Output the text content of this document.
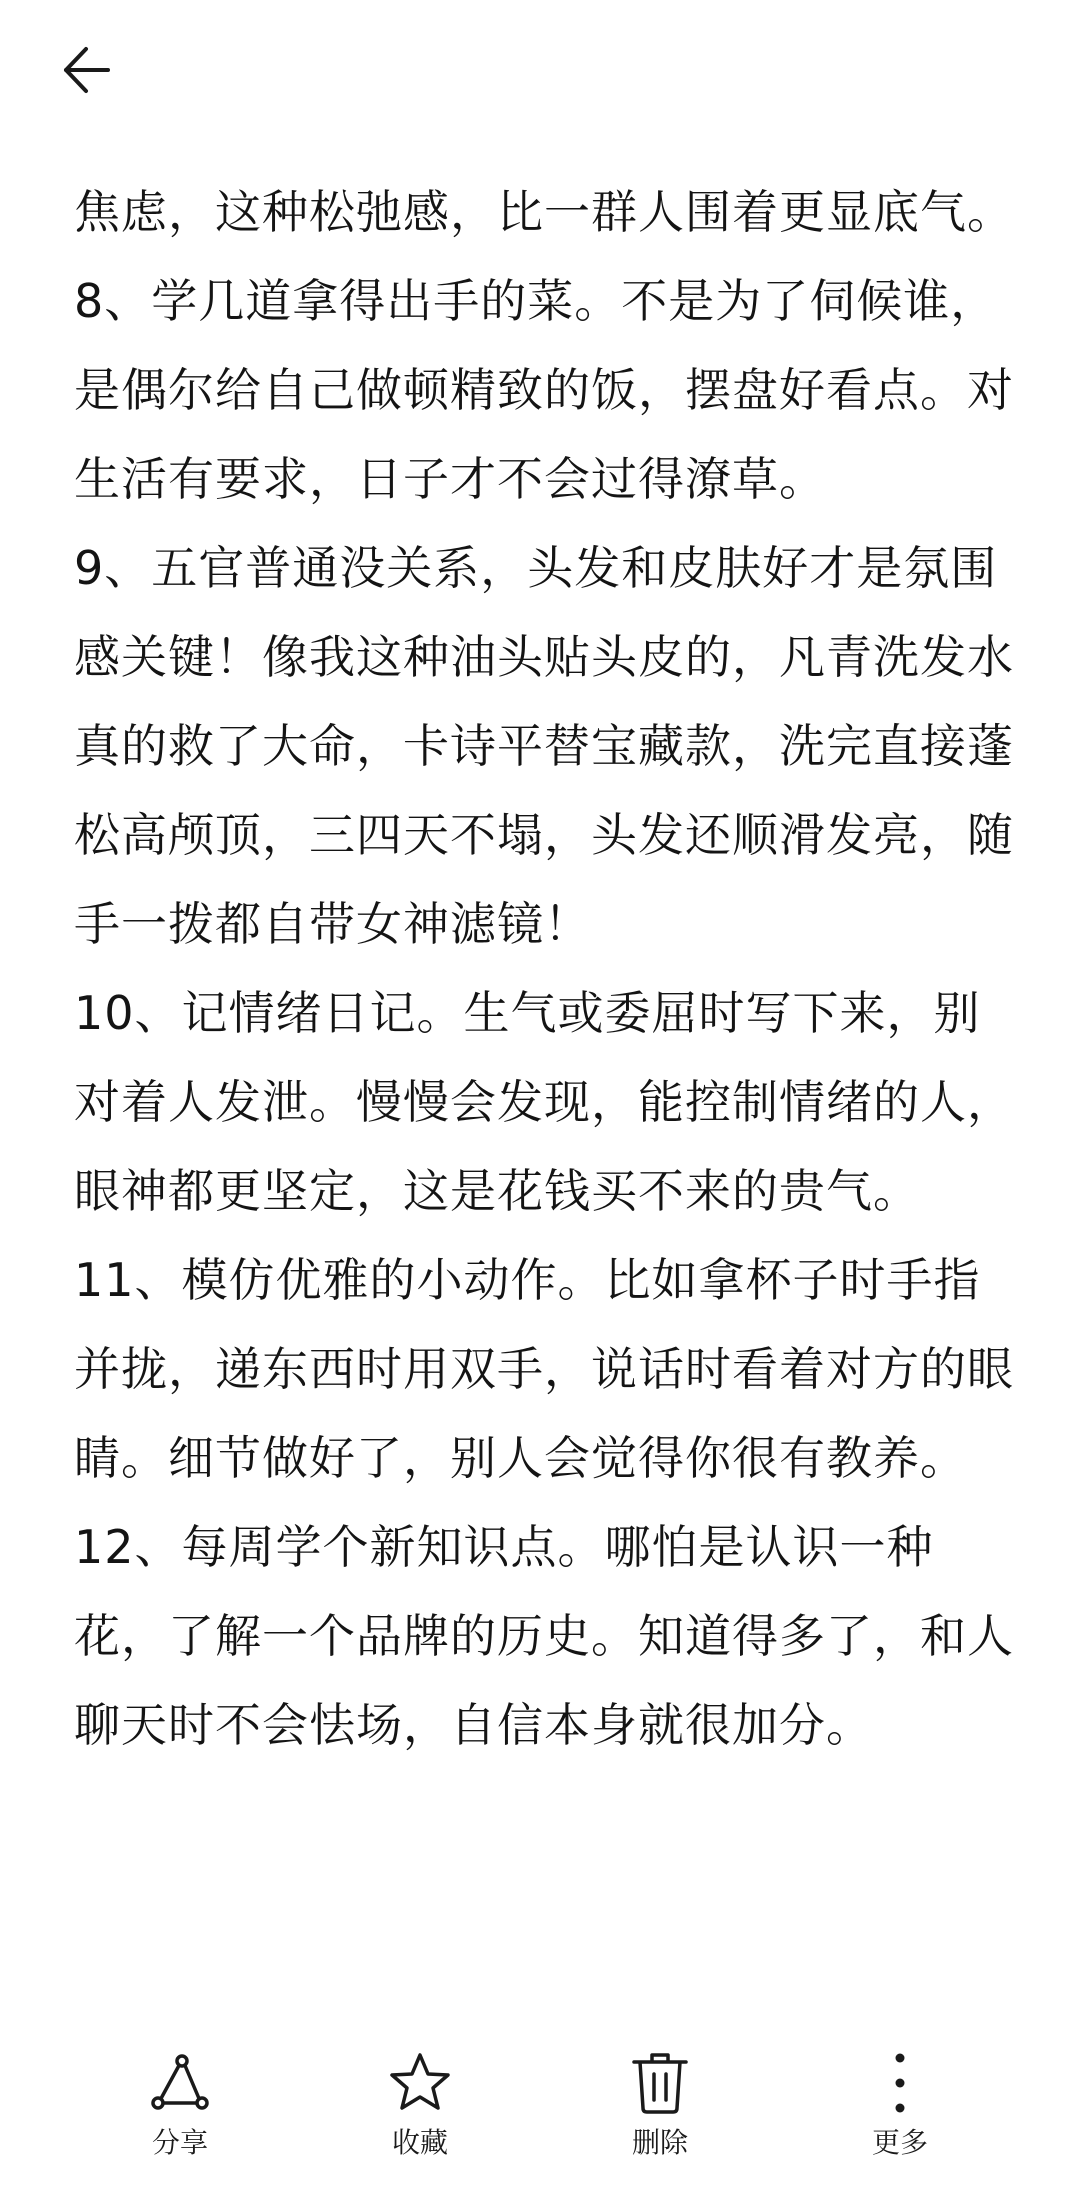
焦虑，这种松弛感，比一群人围着更显底气。

8、学几道拿得出手的菜。不是为了伺候谁，是偶尔给自己做顿精致的饭，摆盘好看点。对生活有要求，日子才不会过得潦草。

9、五官普通没关系，头发和皮肤好才是氛围感关键！像我这种油头贴头皮的，凡青洗发水真的救了大命，卡诗平替宝藏款，洗完直接蓬松高颅顶，三四天不塌，头发还顺滑发亮，随手一拨都自带女神滤镜！

10、记情绪日记。生气或委屈时写下来，别对着人发泄。慢慢会发现，能控制情绪的人，眼神都更坚定，这是花钱买不来的贵气。

11、模仿优雅的小动作。比如拿杯子时手指并拢，递东西时用双手，说话时看着对方的眼睛。细节做好了，别人会觉得你很有教养。

12、每周学个新知识点。哪怕是认识一种花，了解一个品牌的历史。知道得多了，和人聊天时不会怯场，自信本身就很加分。

分享	收藏	删除	更多
